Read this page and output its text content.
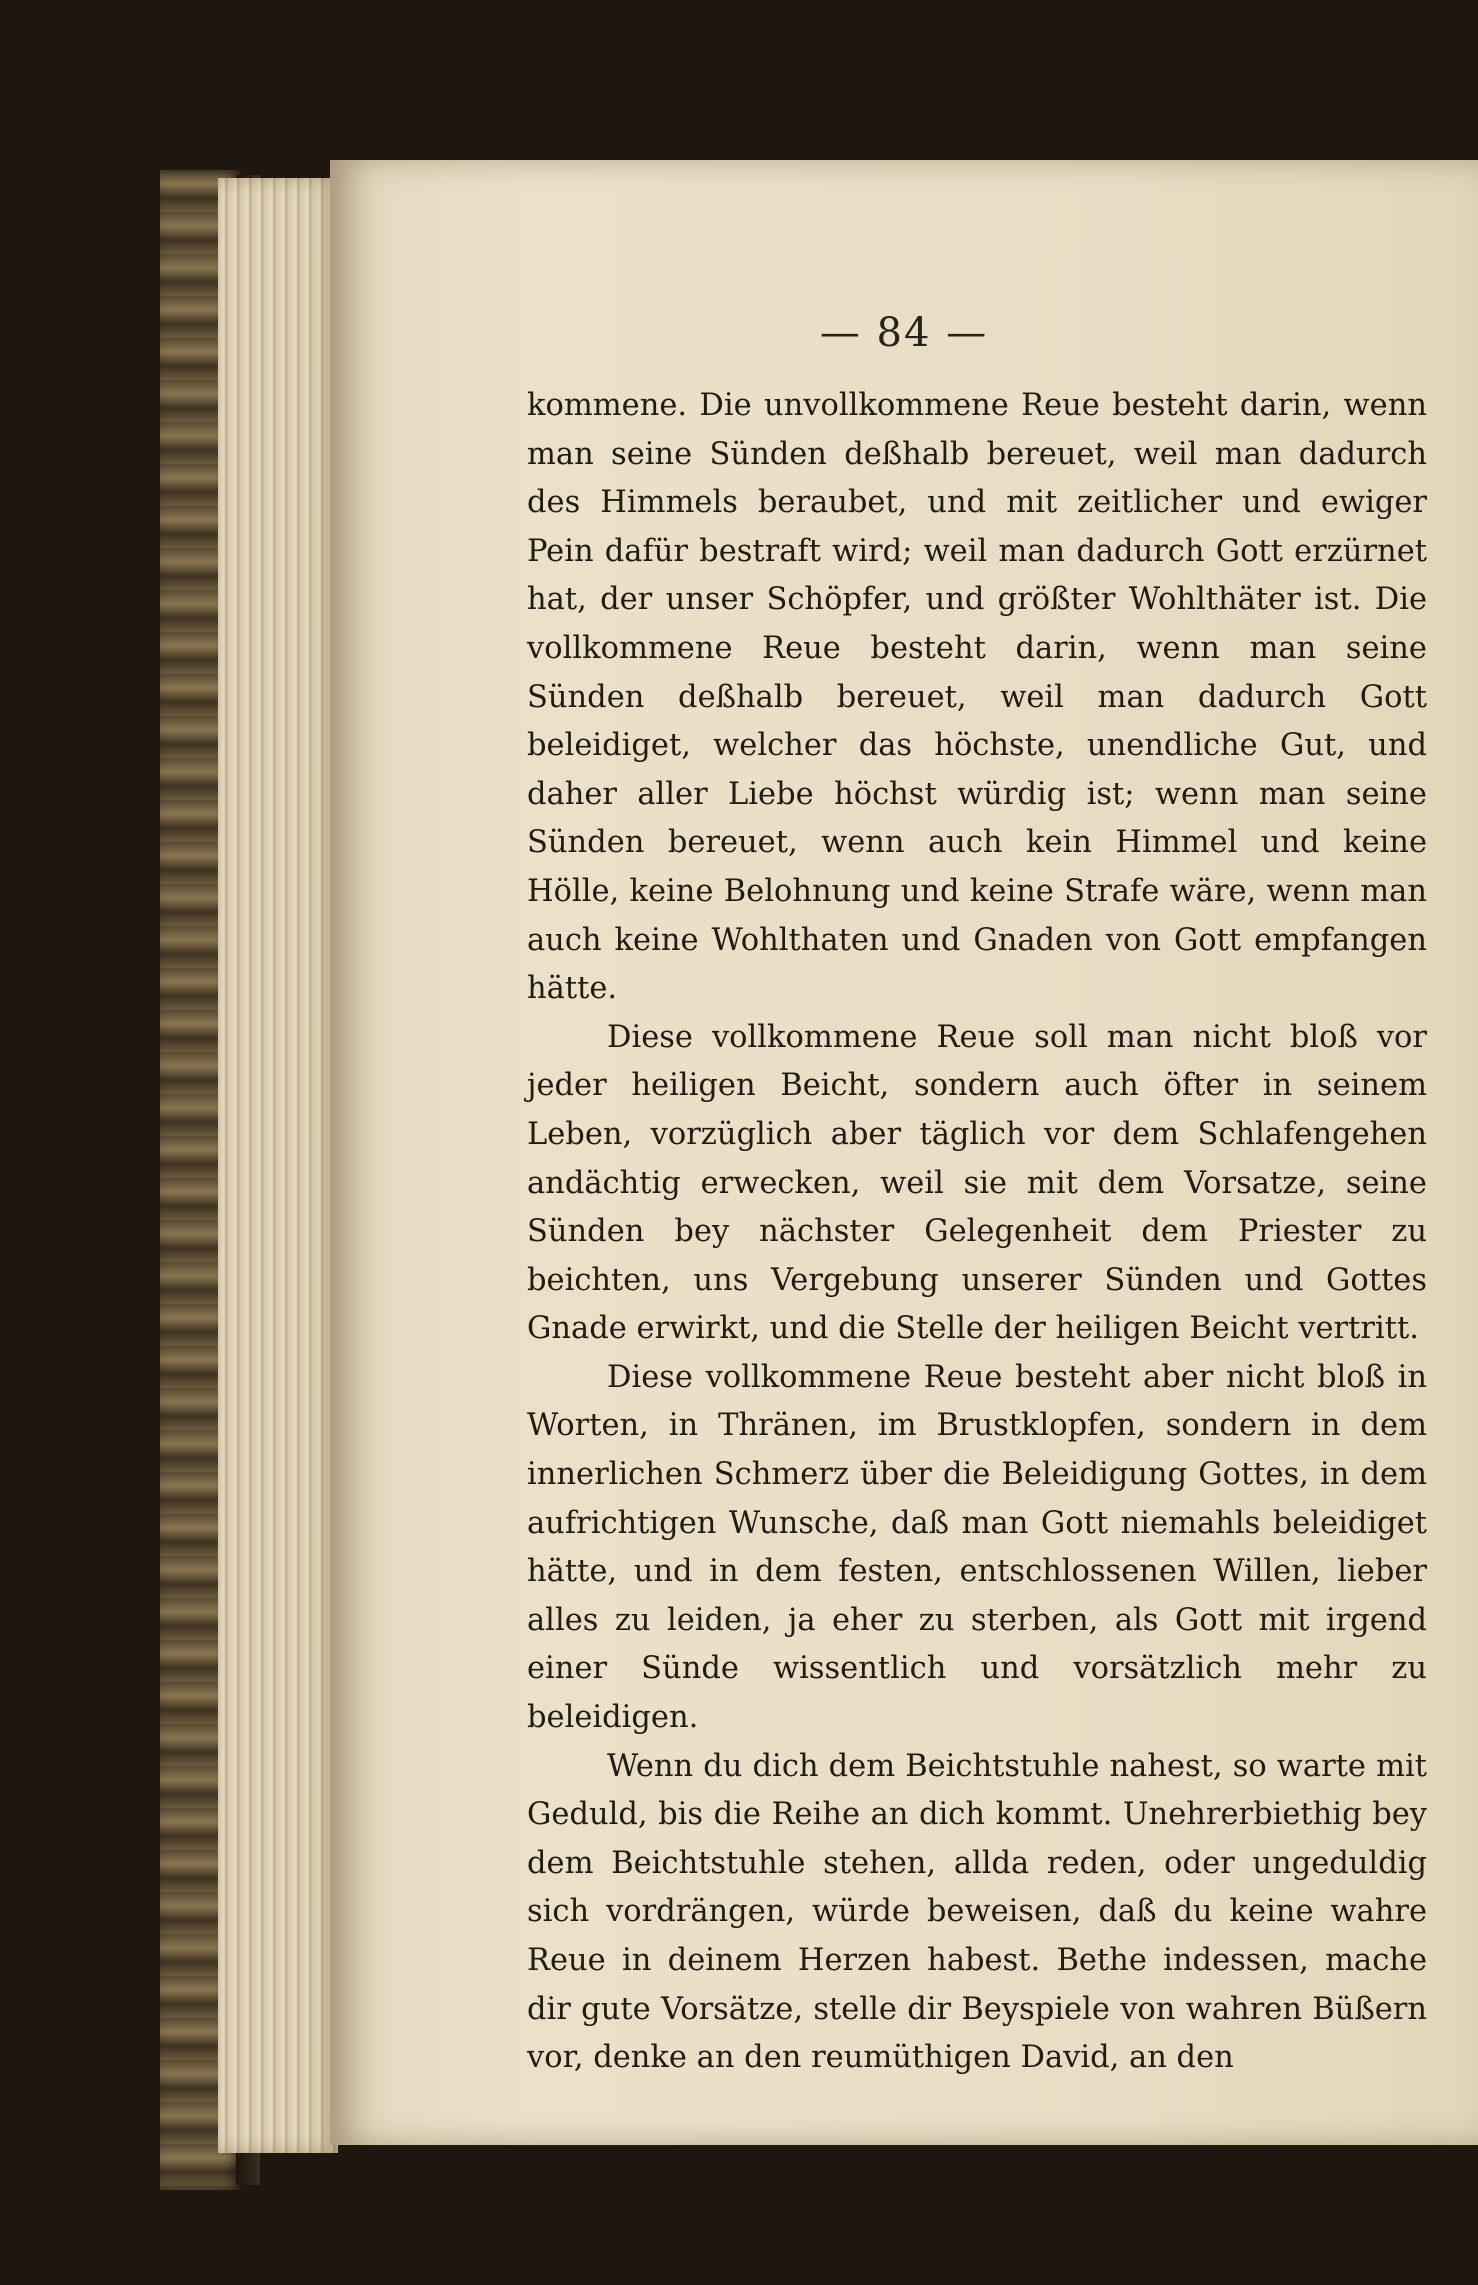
— 84 —

kommene. Die unvollkommene Reue besteht darin, wenn man seine Sünden deßhalb bereuet, weil man dadurch des Himmels beraubet, und mit zeitlicher und ewiger Pein dafür bestraft wird; weil man dadurch Gott erzürnet hat, der unser Schöpfer, und größter Wohlthäter ist. Die vollkommene Reue besteht darin, wenn man seine Sünden deßhalb bereuet, weil man dadurch Gott beleidiget, welcher das höchste, unendliche Gut, und daher aller Liebe höchst würdig ist; wenn man seine Sünden bereuet, wenn auch kein Himmel und keine Hölle, keine Belohnung und keine Strafe wäre, wenn man auch keine Wohlthaten und Gnaden von Gott empfangen hätte.

Diese vollkommene Reue soll man nicht bloß vor jeder heiligen Beicht, sondern auch öfter in seinem Leben, vorzüglich aber täglich vor dem Schlafengehen andächtig erwecken, weil sie mit dem Vorsatze, seine Sünden bey nächster Gelegenheit dem Priester zu beichten, uns Vergebung unserer Sünden und Gottes Gnade erwirkt, und die Stelle der heiligen Beicht vertritt.

Diese vollkommene Reue besteht aber nicht bloß in Worten, in Thränen, im Brustklopfen, sondern in dem innerlichen Schmerz über die Beleidigung Gottes, in dem aufrichtigen Wunsche, daß man Gott niemahls beleidiget hätte, und in dem festen, entschlossenen Willen, lieber alles zu leiden, ja eher zu sterben, als Gott mit irgend einer Sünde wissentlich und vorsätzlich mehr zu beleidigen.

Wenn du dich dem Beichtstuhle nahest, so warte mit Geduld, bis die Reihe an dich kommt. Unehrerbiethig bey dem Beichtstuhle stehen, allda reden, oder ungeduldig sich vordrängen, würde beweisen, daß du keine wahre Reue in deinem Herzen habest. Bethe indessen, mache dir gute Vorsätze, stelle dir Beyspiele von wahren Büßern vor, denke an den reumüthigen David, an den
